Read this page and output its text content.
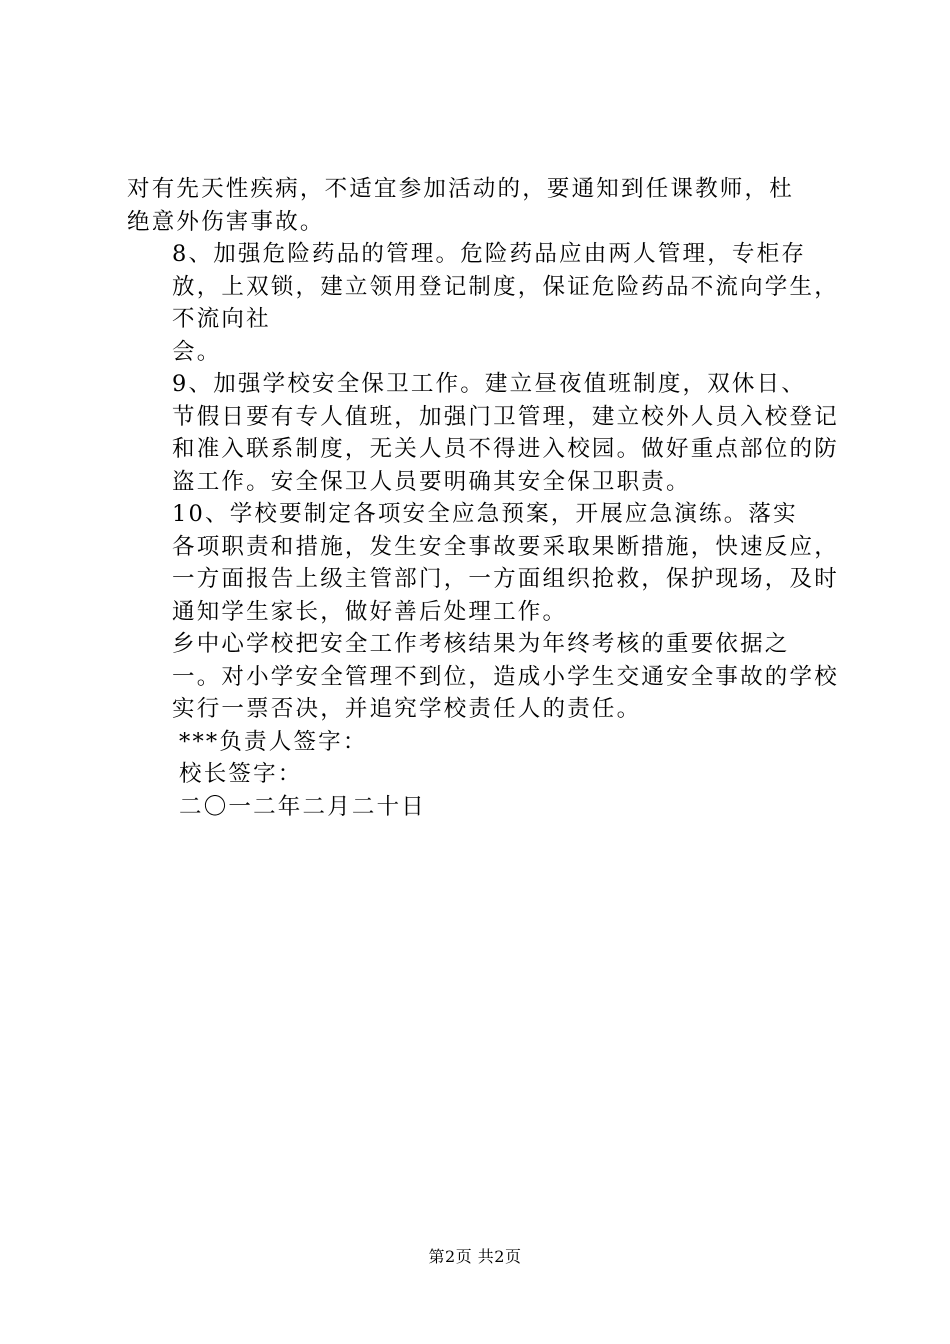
对有先天性疾病，不适宜参加活动的，要通知到任课教师，杜
绝意外伤害事故。

8、加强危险药品的管理。危险药品应由两人管理，专柜存
放，上双锁，建立领用登记制度，保证危险药品不流向学生，
不流向社

会。

9、加强学校安全保卫工作。建立昼夜值班制度，双休日、
节假日要有专人值班，加强门卫管理，建立校外人员入校登记
和准入联系制度，无关人员不得进入校园。做好重点部位的防
盗工作。安全保卫人员要明确其安全保卫职责。

10、学校要制定各项安全应急预案，开展应急演练。落实
各项职责和措施，发生安全事故要采取果断措施，快速反应，
一方面报告上级主管部门，一方面组织抢救，保护现场，及时
通知学生家长，做好善后处理工作。

乡中心学校把安全工作考核结果为年终考核的重要依据之
一。对小学安全管理不到位，造成小学生交通安全事故的学校
实行一票否决，并追究学校责任人的责任。

***负责人签字：

校长签字：

二〇一二年二月二十日

第2页 共2页
